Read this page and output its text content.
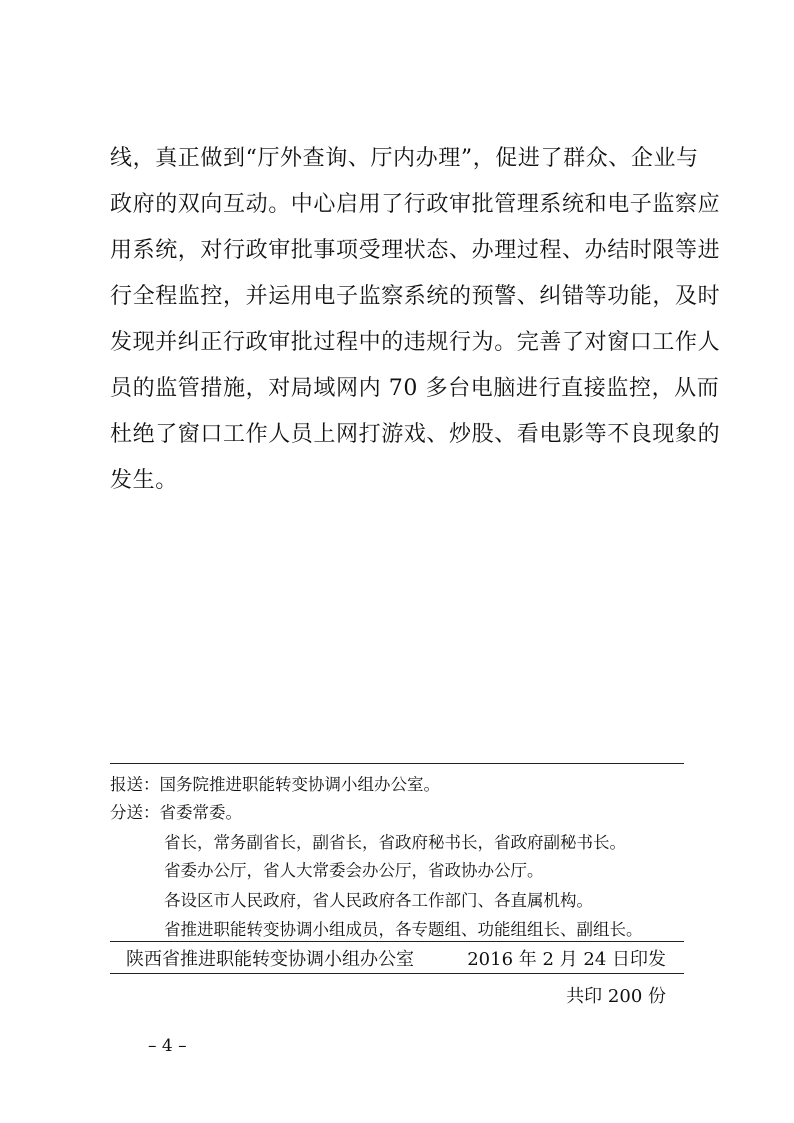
线，真正做到“厅外查询、厅内办理”，促进了群众、企业与
政府的双向互动。中心启用了行政审批管理系统和电子监察应
用系统，对行政审批事项受理状态、办理过程、办结时限等进
行全程监控，并运用电子监察系统的预警、纠错等功能，及时
发现并纠正行政审批过程中的违规行为。完善了对窗口工作人
员的监管措施，对局域网内 70 多台电脑进行直接监控，从而
杜绝了窗口工作人员上网打游戏、炒股、看电影等不良现象的
发生。
报送：国务院推进职能转变协调小组办公室。
分送：省委常委。
省长，常务副省长，副省长，省政府秘书长，省政府副秘书长。
省委办公厅，省人大常委会办公厅，省政协办公厅。
各设区市人民政府，省人民政府各工作部门、各直属机构。
省推进职能转变协调小组成员，各专题组、功能组组长、副组长。
陕西省推进职能转变协调小组办公室	2016 年 2 月 24 日印发
共印 200 份
– 4 –
